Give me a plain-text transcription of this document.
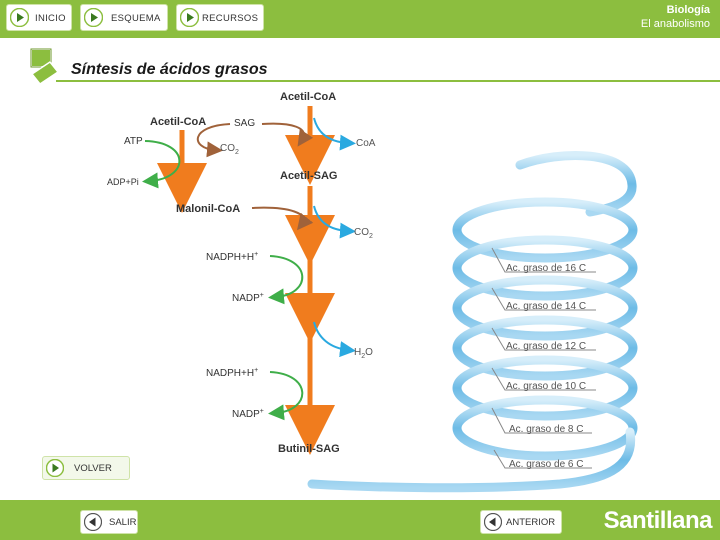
INICIO	ESQUEMA	RECURSOS
Biología
El anabolismo
Síntesis de ácidos grasos
Acetil-CoA
ATP
ADP+Pi
SAG
$CO_2$
Malonil-CoA
Acetil-CoA
CoA
Acetil-SAG
$CO_2$
NADPH+H+
NADP+
$H_2O$
NADPH+H+
NADP+
Butinil-SAG
Ac. graso de 16 C
Ac. graso de 14 C
Ac. graso de 12 C
Ac. graso de 10 C
Ac. graso de 8 C
Ac. graso de 6 C
VOLVER
SALIR	ANTERIOR Santillana
